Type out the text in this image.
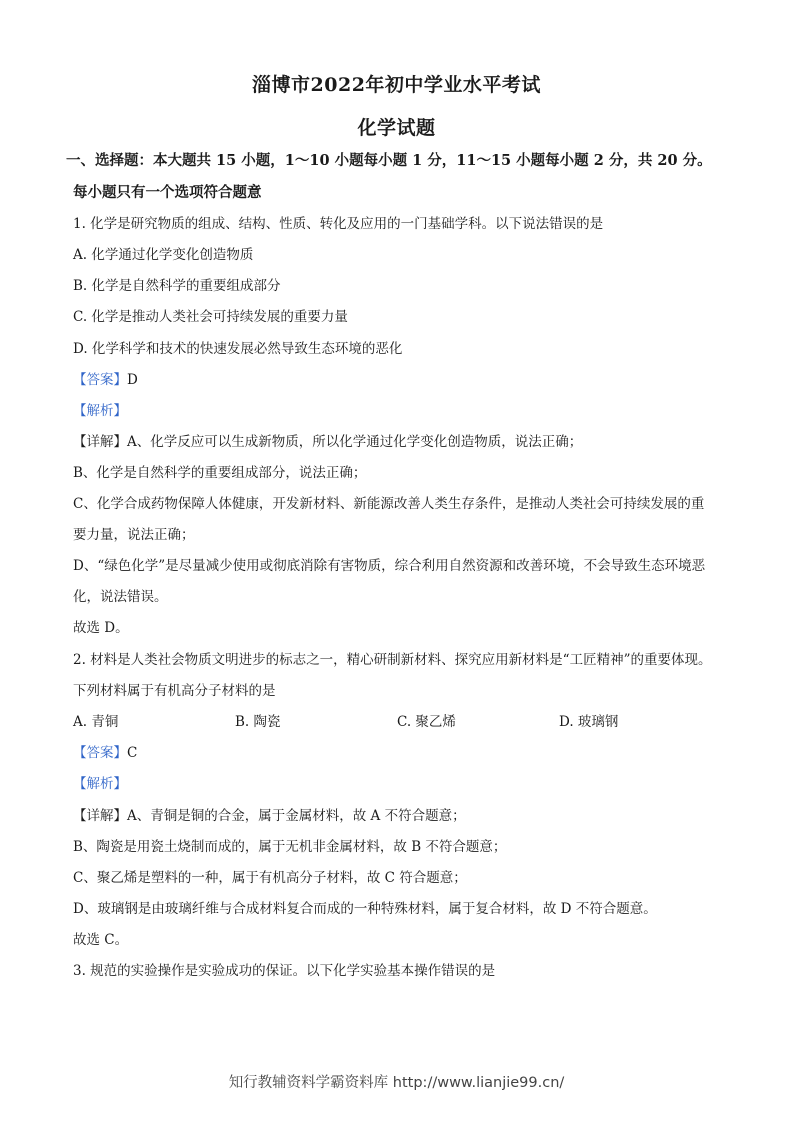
淄博市2022年初中学业水平考试
化学试题
一、选择题：本大题共 15 小题，1～10 小题每小题 1 分，11～15 小题每小题 2 分，共 20 分。
每小题只有一个选项符合题意
1. 化学是研究物质的组成、结构、性质、转化及应用的一门基础学科。以下说法错误的是
A. 化学通过化学变化创造物质
B. 化学是自然科学的重要组成部分
C. 化学是推动人类社会可持续发展的重要力量
D. 化学科学和技术的快速发展必然导致生态环境的恶化
【答案】D
【解析】
【详解】A、化学反应可以生成新物质，所以化学通过化学变化创造物质，说法正确；
B、化学是自然科学的重要组成部分，说法正确；
C、化学合成药物保障人体健康，开发新材料、新能源改善人类生存条件，是推动人类社会可持续发展的重
要力量，说法正确；
D、“绿色化学”是尽量减少使用或彻底消除有害物质，综合利用自然资源和改善环境，不会导致生态环境恶
化，说法错误。
故选 D。
2. 材料是人类社会物质文明进步的标志之一，精心研制新材料、探究应用新材料是“工匠精神”的重要体现。
下列材料属于有机高分子材料的是
A. 青铜	B. 陶瓷	C. 聚乙烯	D. 玻璃钢
【答案】C
【解析】
【详解】A、青铜是铜的合金，属于金属材料，故 A 不符合题意；
B、陶瓷是用瓷土烧制而成的，属于无机非金属材料，故 B 不符合题意；
C、聚乙烯是塑料的一种，属于有机高分子材料，故 C 符合题意；
D、玻璃钢是由玻璃纤维与合成材料复合而成的一种特殊材料，属于复合材料，故 D 不符合题意。
故选 C。
3. 规范的实验操作是实验成功的保证。以下化学实验基本操作错误的是
知行教辅资料学霸资料库 http://www.lianjie99.cn/
